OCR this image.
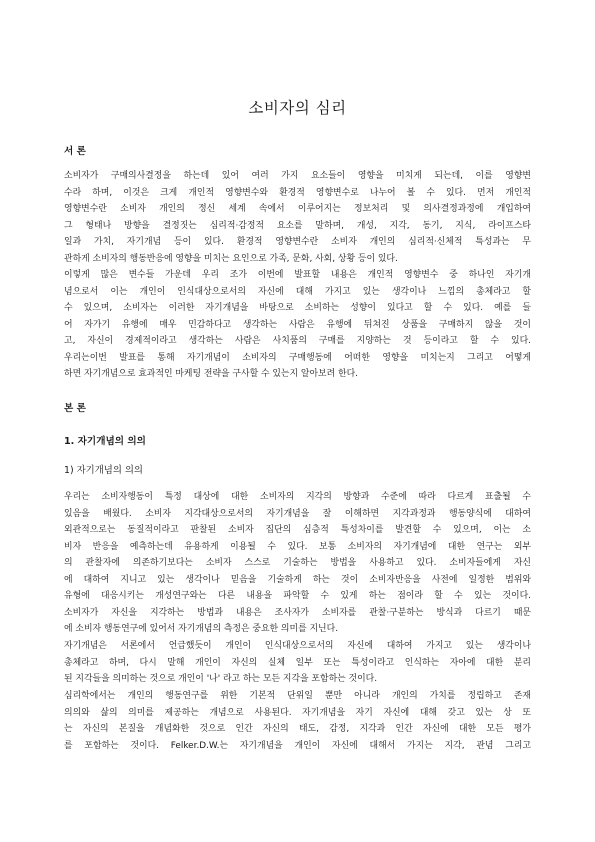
소비자의 심리
서 론
소비자가 구매의사결정을 하는데 있어 여러 가지 요소들이 영향을 미치게 되는데, 이를 영향변
수라 하며, 이것은 크게 개인적 영향변수와 환경적 영향변수로 나누어 볼 수 있다. 먼저 개인적
영향변수란 소비자 개인의 정신 세계 속에서 이루어지는 정보처리 및 의사결정과정에 개입하여
그 형태나 방향을 결정짓는 심리적·감정적 요소를 말하며, 개성, 지각, 동기, 지식, 라이프스타
일과 가치, 자기개념 등이 있다. 환경적 영향변수란 소비자 개인의 심리적·신체적 특성과는 무
관하게 소비자의 행동반응에 영향을 미치는 요인으로 가족, 문화, 사회, 상황 등이 있다.
이렇게 많은 변수들 가운데 우리 조가 이번에 발표할 내용은 개인적 영향변수 중 하나인 자기개
념으로서 이는 개인이 인식대상으로서의 자신에 대해 가지고 있는 생각이나 느낌의 총체라고 할
수 있으며, 소비자는 이러한 자기개념을 바탕으로 소비하는 성향이 있다고 할 수 있다. 예를 들
어 자가기 유행에 매우 민감하다고 생각하는 사람은 유행에 뒤쳐진 상품을 구매하지 않을 것이
고, 자신이 경제적이라고 생각하는 사람은 사치품의 구매를 지양하는 것 등이라고 할 수 있다.
우리는이번 발표를 통해 자기개념이 소비자의 구매행동에 어떠한 영향을 미치는지 그리고 어떻게
하면 자기개념으로 효과적인 마케팅 전략을 구사할 수 있는지 알아보려 한다.
본 론
1. 자기개념의 의의
1) 자기개념의 의의
우리는 소비자행동이 특정 대상에 대한 소비자의 지각의 방향과 수준에 따라 다르게 표출될 수
있음을 배웠다. 소비자 지각대상으로서의 자기개념을 잘 이해하면 지각과정과 행동양식에 대하여
외관적으로는 동질적이라고 판찰된 소비자 집단의 심층적 특성차이를 발견할 수 있으며, 이는 소
비자 반응을 예측하는데 유용하게 이용될 수 있다. 보통 소비자의 자기개념에 대한 연구는 외부
의 관찰자에 의존하기보다는 소비자 스스로 기술하는 방법을 사용하고 있다. 소비자들에게 자신
에 대하여 지니고 있는 생각이나 믿음을 기술하게 하는 것이 소비자반응을 사전에 일정한 범위와
유형에 대응시키는 개성연구와는 다른 내용을 파악할 수 있게 하는 점이라 할 수 있는 것이다.
소비자가 자신을 지각하는 방법과 내용은 조사자가 소비자를 관찰·구분하는 방식과 다르기 때문
에 소비자 행동연구에 있어서 자기개념의 측정은 중요한 의미를 지닌다.
자기개념은 서론에서 언급했듯이 개인이 인식대상으로서의 자신에 대하여 가지고 있는 생각이나
총체라고 하며, 다시 말해 개인이 자신의 실체 일부 또는 특성이라고 인식하는 자아에 대한 분리
된 지각들을 의미하는 것으로 개인이 '나' 라고 하는 모든 지각을 포함하는 것이다.
심리학에서는 개인의 행동연구를 위한 기본적 단위일 뿐만 아니라 개인의 가치를 정립하고 존재
의의와 삶의 의미를 제공하는 개념으로 사용된다. 자기개념을 자기 자신에 대해 갖고 있는 상 또
는 자신의 본질을 개념화한 것으로 인간 자신의 태도, 감정, 지각과 인간 자신에 대한 모든 평가
를 포함하는 것이다. Felker.D.W.는 자기개념을 개인이 자신에 대해서 가지는 지각, 관념 그리고
